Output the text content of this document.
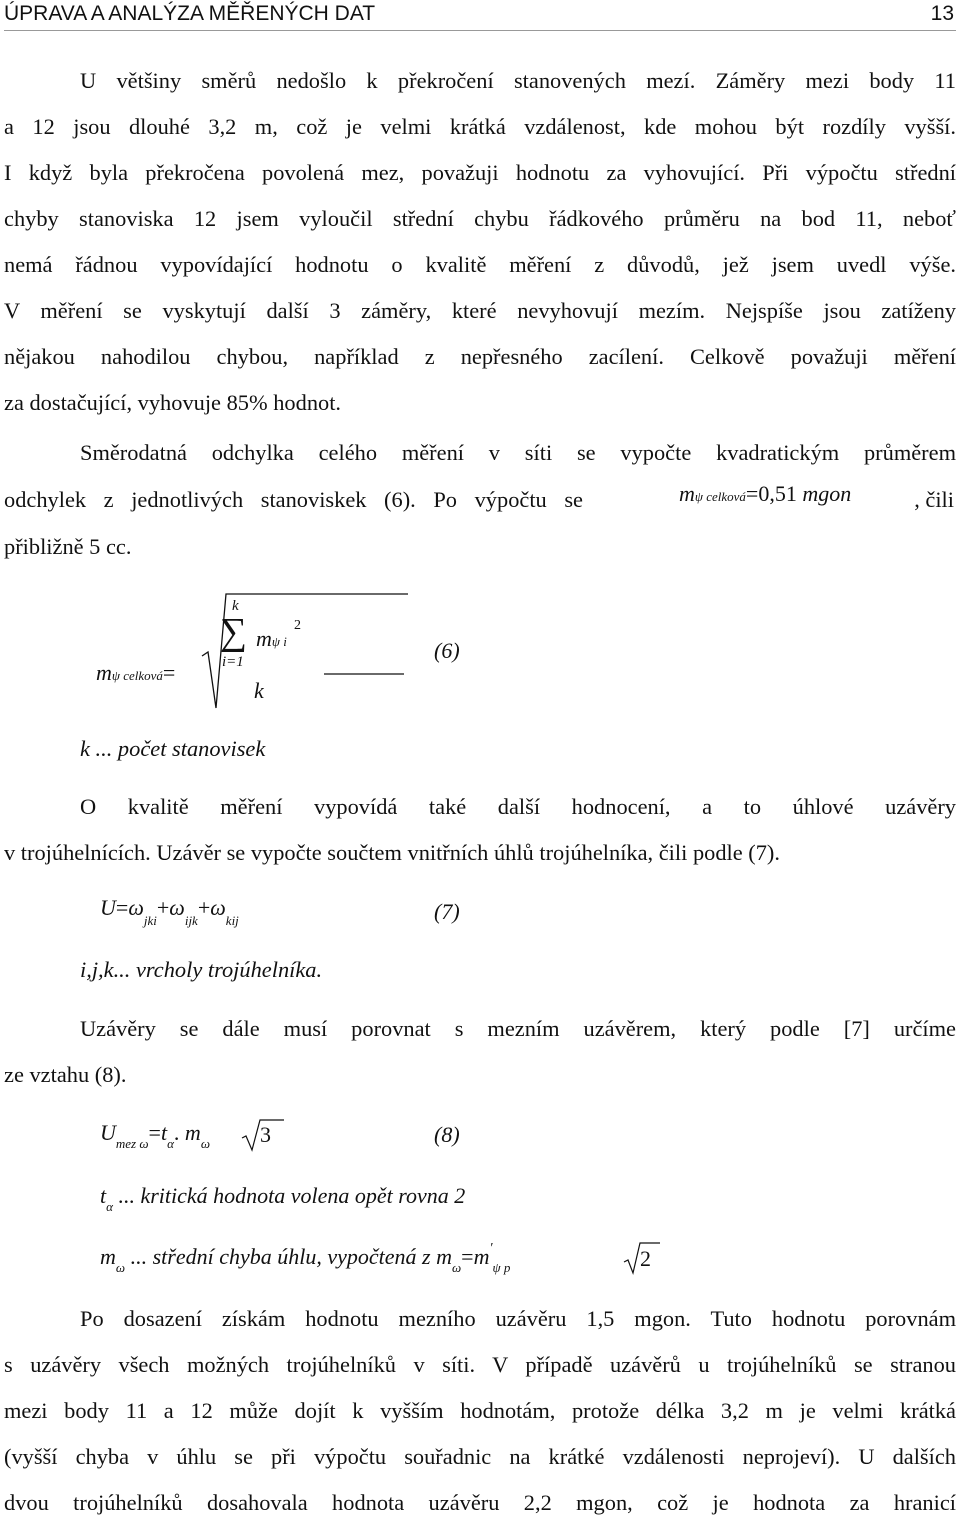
ÚPRAVA A ANALÝZA MĚŘENÝCH DAT	13
U většiny směrů nedošlo k překročení stanovených mezí. Záměry mezi body 11
a 12 jsou dlouhé 3,2 m, což je velmi krátká vzdálenost, kde mohou být rozdíly vyšší.
I když byla překročena povolená mez, považuji hodnotu za vyhovující. Při výpočtu střední
chyby stanoviska 12 jsem vyloučil střední chybu řádkového průměru na bod 11, neboť
nemá řádnou vypovídající hodnotu o kvalitě měření z důvodů, jež jsem uvedl výše.
V měření se vyskytují další 3 záměry, které nevyhovují mezím. Nejspíše jsou zatíženy
nějakou nahodilou chybou, například z nepřesného zacílení. Celkově považuji měření
za dostačující, vyhovuje 85% hodnot.
Směrodatná odchylka celého měření v síti se vypočte kvadratickým průměrem
odchylek z jednotlivých stanoviskek (6). Po výpočtu se	mψ celková=0,51 mgon	, čili
přibližně 5 cc.
mψ celková=
k
∑
i=1
mψ i
2
k
(6)
k ... počet stanovisek
O kvalitě měření vypovídá také další hodnocení, a to úhlové uzávěry
v trojúhelnících. Uzávěr se vypočte součtem vnitřních úhlů trojúhelníka, čili podle (7).
$U=\omega_{jki}+\omega_{ijk}+\omega_{kij}$	(7)
i,j,k... vrcholy trojúhelníka.
Uzávěry se dále musí porovnat s mezním uzávěrem, který podle [7] určíme
ze vztahu (8).
$U_{mez \omega}=t_\alpha$. $m_\omega$ 3	(8)
$t_\alpha$ ... kritická hodnota volena opět rovna 2
$m_\omega$ ... střední chyba úhlu, vypočtená z $m_\omega=m'_{\psi p}$	2
Po dosazení získám hodnotu mezního uzávěru 1,5 mgon. Tuto hodnotu porovnám
s uzávěry všech možných trojúhelníků v síti. V případě uzávěrů u trojúhelníků se stranou
mezi body 11 a 12 může dojít k vyšším hodnotám, protože délka 3,2 m je velmi krátká
(vyšší chyba v úhlu se při výpočtu souřadnic na krátké vzdálenosti neprojeví). U dalších
dvou trojúhelníků dosahovala hodnota uzávěru 2,2 mgon, což je hodnota za hranicí
